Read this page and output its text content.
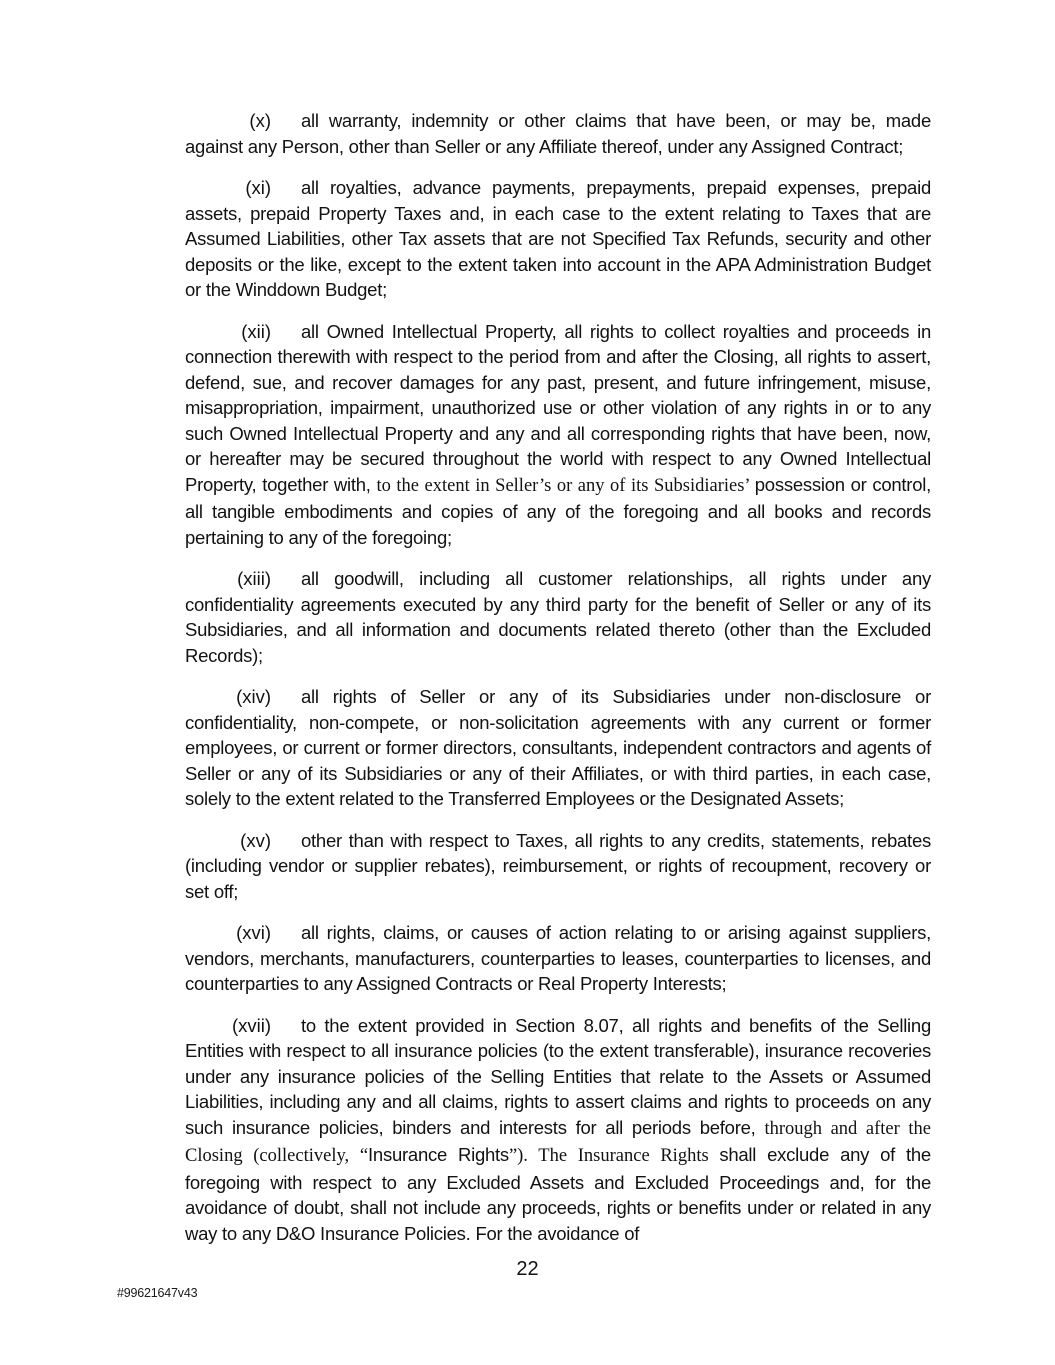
(x) all warranty, indemnity or other claims that have been, or may be, made against any Person, other than Seller or any Affiliate thereof, under any Assigned Contract;

(xi) all royalties, advance payments, prepayments, prepaid expenses, prepaid assets, prepaid Property Taxes and, in each case to the extent relating to Taxes that are Assumed Liabilities, other Tax assets that are not Specified Tax Refunds, security and other deposits or the like, except to the extent taken into account in the APA Administration Budget or the Winddown Budget;

(xii) all Owned Intellectual Property, all rights to collect royalties and proceeds in connection therewith with respect to the period from and after the Closing, all rights to assert, defend, sue, and recover damages for any past, present, and future infringement, misuse, misappropriation, impairment, unauthorized use or other violation of any rights in or to any such Owned Intellectual Property and any and all corresponding rights that have been, now, or hereafter may be secured throughout the world with respect to any Owned Intellectual Property, together with, to the extent in Seller’s or any of its Subsidiaries’ possession or control, all tangible embodiments and copies of any of the foregoing and all books and records pertaining to any of the foregoing;

(xiii) all goodwill, including all customer relationships, all rights under any confidentiality agreements executed by any third party for the benefit of Seller or any of its Subsidiaries, and all information and documents related thereto (other than the Excluded Records);

(xiv) all rights of Seller or any of its Subsidiaries under non-disclosure or confidentiality, non-compete, or non-solicitation agreements with any current or former employees, or current or former directors, consultants, independent contractors and agents of Seller or any of its Subsidiaries or any of their Affiliates, or with third parties, in each case, solely to the extent related to the Transferred Employees or the Designated Assets;

(xv) other than with respect to Taxes, all rights to any credits, statements, rebates (including vendor or supplier rebates), reimbursement, or rights of recoupment, recovery or set off;

(xvi) all rights, claims, or causes of action relating to or arising against suppliers, vendors, merchants, manufacturers, counterparties to leases, counterparties to licenses, and counterparties to any Assigned Contracts or Real Property Interests;

(xvii) to the extent provided in Section 8.07, all rights and benefits of the Selling Entities with respect to all insurance policies (to the extent transferable), insurance recoveries under any insurance policies of the Selling Entities that relate to the Assets or Assumed Liabilities, including any and all claims, rights to assert claims and rights to proceeds on any such insurance policies, binders and interests for all periods before, through and after the Closing (collectively, “Insurance Rights”). The Insurance Rights shall exclude any of the foregoing with respect to any Excluded Assets and Excluded Proceedings and, for the avoidance of doubt, shall not include any proceeds, rights or benefits under or related in any way to any D&O Insurance Policies. For the avoidance of

22
#99621647v43
